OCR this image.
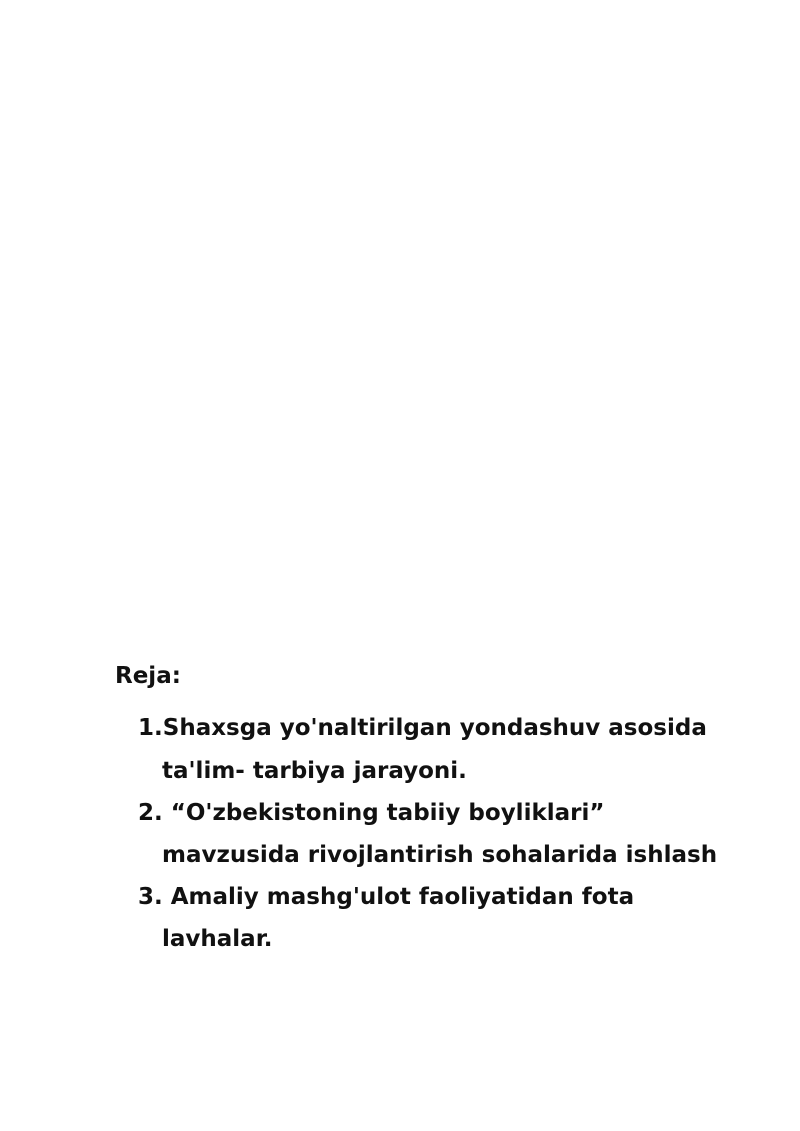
Reja:
1.Shaxsga yo'naltirilgan yondashuv asosida
ta'lim- tarbiya jarayoni.
2. “O'zbekistoning tabiiy boyliklari”
mavzusida rivojlantirish sohalarida ishlash
3. Amaliy mashg'ulot faoliyatidan fota
lavhalar.
